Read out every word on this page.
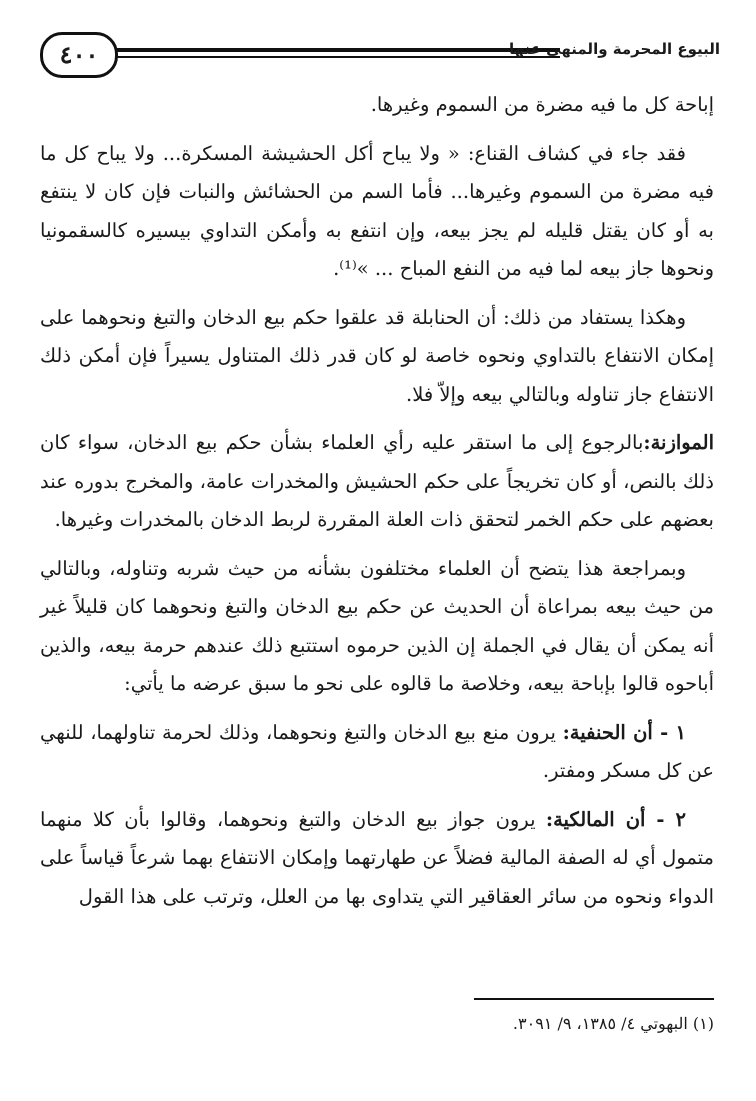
٤٠٠	البيوع المحرمة والمنهي عنها

إباحة كل ما فيه مضرة من السموم وغيرها.

فقد جاء في كشاف القناع: « ولا يباح أكل الحشيشة المسكرة... ولا يباح كل ما فيه مضرة من السموم وغيرها... فأما السم من الحشائش والنبات فإن كان لا ينتفع به أو كان يقتل قليله لم يجز بيعه، وإن انتفع به وأمكن التداوي بيسيره كالسقمونيا ونحوها جاز بيعه لما فيه من النفع المباح ... »⁽¹⁾.

وهكذا يستفاد من ذلك: أن الحنابلة قد علقوا حكم بيع الدخان والتبغ ونحوهما على إمكان الانتفاع بالتداوي ونحوه خاصة لو كان قدر ذلك المتناول يسيراً فإن أمكن ذلك الانتفاع جاز تناوله وبالتالي بيعه وإلاّ فلا.

الموازنة:بالرجوع إلى ما استقر عليه رأي العلماء بشأن حكم بيع الدخان، سواء كان ذلك بالنص، أو كان تخريجاً على حكم الحشيش والمخدرات عامة، والمخرج بدوره عند بعضهم على حكم الخمر لتحقق ذات العلة المقررة لربط الدخان بالمخدرات وغيرها.

وبمراجعة هذا يتضح أن العلماء مختلفون بشأنه من حيث شربه وتناوله، وبالتالي من حيث بيعه بمراعاة أن الحديث عن حكم بيع الدخان والتبغ ونحوهما كان قليلاً غير أنه يمكن أن يقال في الجملة إن الذين حرموه استتبع ذلك عندهم حرمة بيعه، والذين أباحوه قالوا بإباحة بيعه، وخلاصة ما قالوه على نحو ما سبق عرضه ما يأتي:

١ - أن الحنفية: يرون منع بيع الدخان والتبغ ونحوهما، وذلك لحرمة تناولهما، للنهي عن كل مسكر ومفتر.

٢ - أن المالكية: يرون جواز بيع الدخان والتبغ ونحوهما، وقالوا بأن كلا منهما متمول أي له الصفة المالية فضلاً عن طهارتهما وإمكان الانتفاع بهما شرعاً قياساً على الدواء ونحوه من سائر العقاقير التي يتداوى بها من العلل، وترتب على هذا القول

(١) البهوتي ٤/ ١٣٨٥، ٩/ ٣٠٩١.
